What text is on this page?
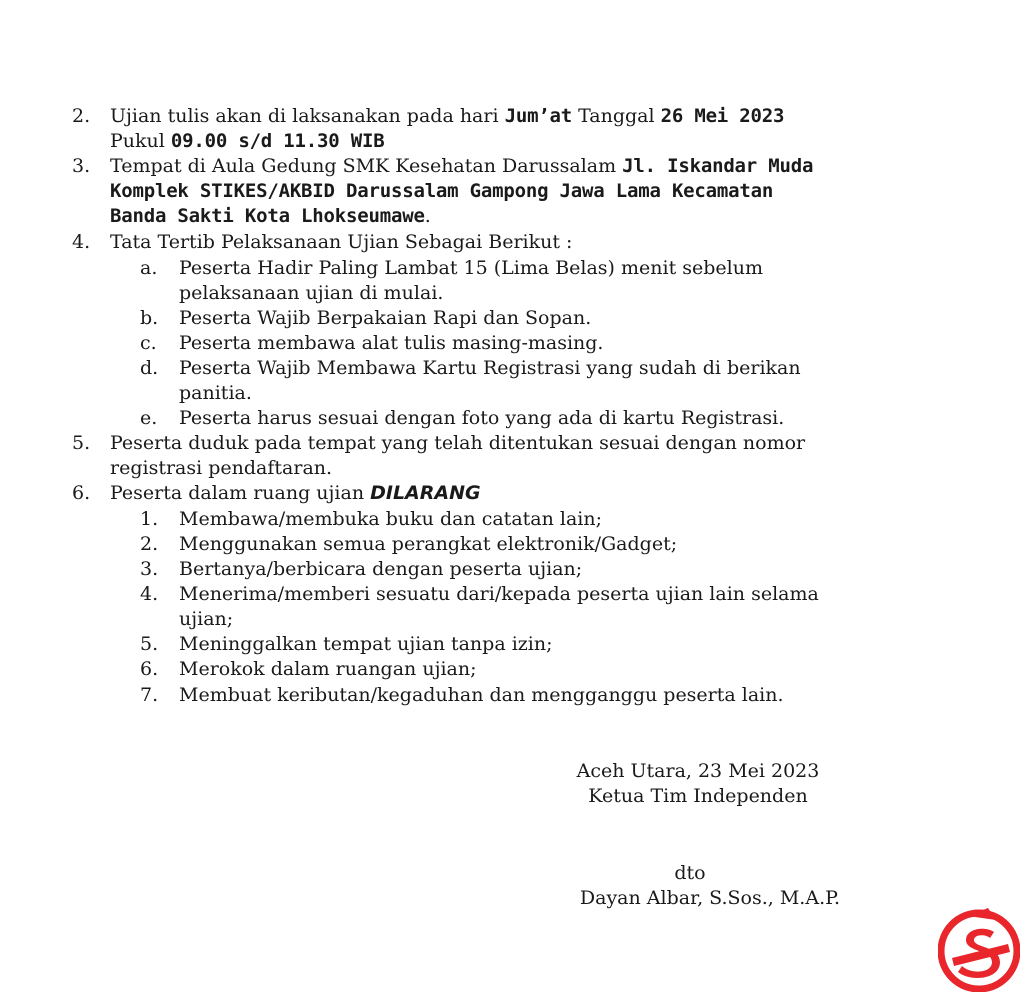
2. Ujian tulis akan di laksanakan pada hari Jum’at Tanggal 26 Mei 2023
Pukul 09.00 s/d 11.30 WIB
3. Tempat di Aula Gedung SMK Kesehatan Darussalam Jl. Iskandar Muda
Komplek STIKES/AKBID Darussalam Gampong Jawa Lama Kecamatan
Banda Sakti Kota Lhokseumawe.
4. Tata Tertib Pelaksanaan Ujian Sebagai Berikut :
a. Peserta Hadir Paling Lambat 15 (Lima Belas) menit sebelum
pelaksanaan ujian di mulai.
b. Peserta Wajib Berpakaian Rapi dan Sopan.
c. Peserta membawa alat tulis masing-masing.
d. Peserta Wajib Membawa Kartu Registrasi yang sudah di berikan
panitia.
e. Peserta harus sesuai dengan foto yang ada di kartu Registrasi.
5. Peserta duduk pada tempat yang telah ditentukan sesuai dengan nomor
registrasi pendaftaran.
6. Peserta dalam ruang ujian DILARANG
1. Membawa/membuka buku dan catatan lain;
2. Menggunakan semua perangkat elektronik/Gadget;
3. Bertanya/berbicara dengan peserta ujian;
4. Menerima/memberi sesuatu dari/kepada peserta ujian lain selama
ujian;
5. Meninggalkan tempat ujian tanpa izin;
6. Merokok dalam ruangan ujian;
7. Membuat keributan/kegaduhan dan mengganggu peserta lain.
Aceh Utara, 23 Mei 2023
Ketua Tim Independen
dto
Dayan Albar, S.Sos., M.A.P.
